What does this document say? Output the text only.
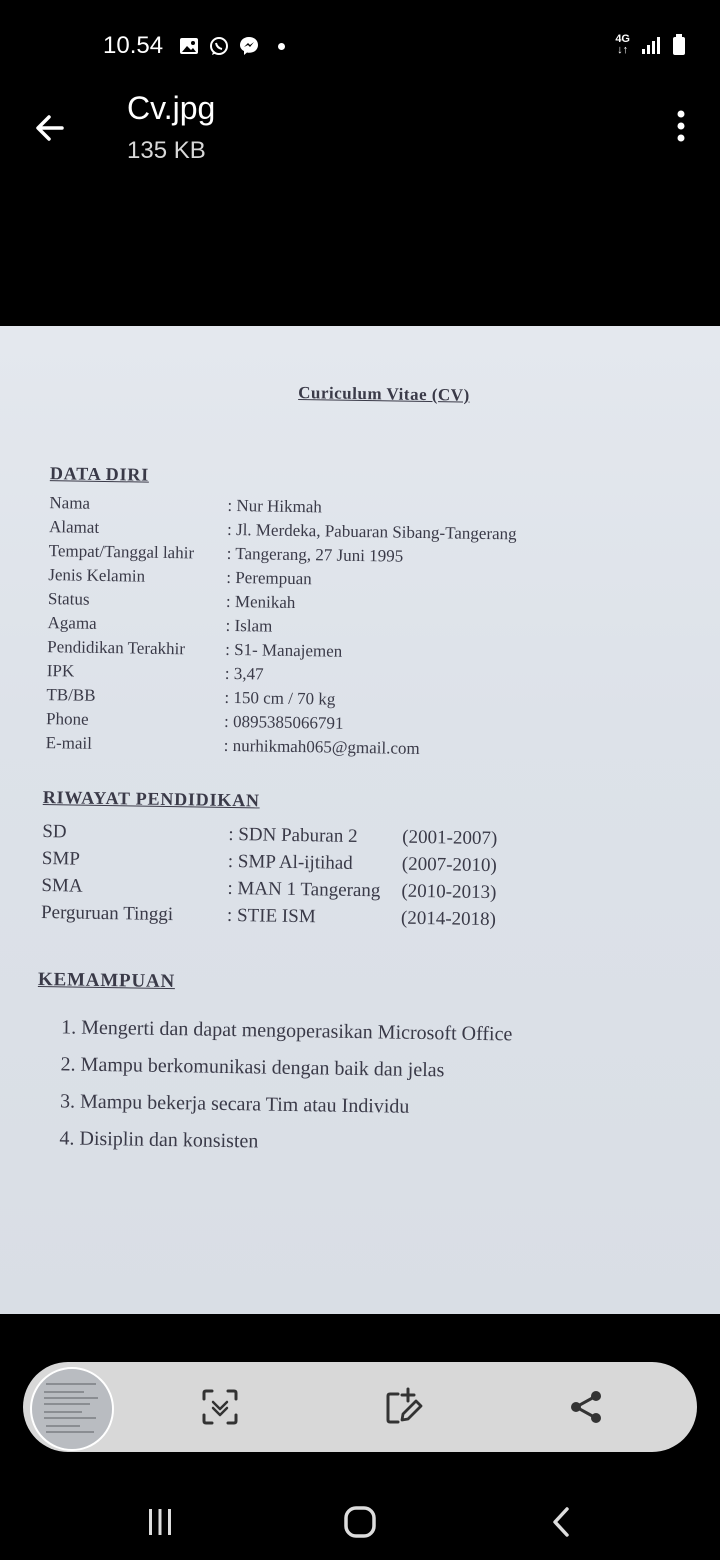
10.54	4G
↓↑
Cv.jpg
135 KB
Curiculum Vitae (CV)
DATA DIRI
Nama	: Nur Hikmah
Alamat	: Jl. Merdeka, Pabuaran Sibang-Tangerang
Tempat/Tanggal lahir : Tangerang, 27 Juni 1995
Jenis Kelamin	: Perempuan
Status	: Menikah
Agama	: Islam
Pendidikan Terakhir : S1- Manajemen
IPK	: 3,47
TB/BB	: 150 cm / 70 kg
Phone	: 0895385066791
E-mail	: nurhikmah065@gmail.com
RIWAYAT PENDIDIKAN
SD	: SDN Paburan 2 (2001-2007)
SMP	: SMP Al-ijtihad	(2007-2010)
SMA	: MAN 1 Tangerang (2010-2013)
Perguruan Tinggi	: STIE ISM	(2014-2018)
KEMAMPUAN
1. Mengerti dan dapat mengoperasikan Microsoft Office
2. Mampu berkomunikasi dengan baik dan jelas
3. Mampu bekerja secara Tim atau Individu
4. Disiplin dan konsisten
